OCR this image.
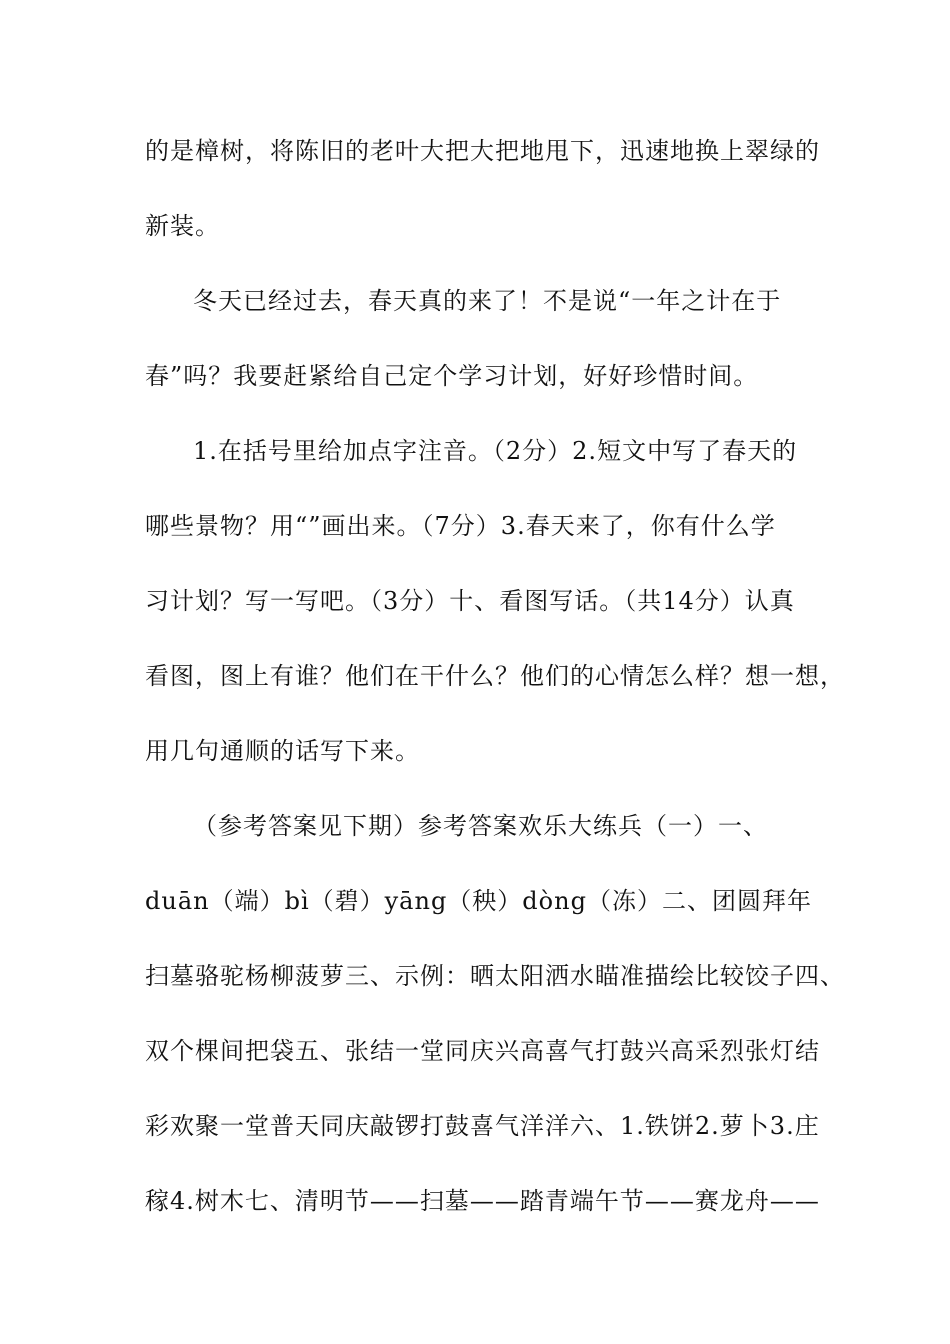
的是樟树，将陈旧的老叶大把大把地甩下，迅速地换上翠绿的
新装。
冬天已经过去，春天真的来了！不是说“一年之计在于
春”吗？我要赶紧给自己定个学习计划，好好珍惜时间。
1.在括号里给加点字注音。（2分）2.短文中写了春天的
哪些景物？用“”画出来。（7分）3.春天来了，你有什么学
习计划？写一写吧。（3分）十、看图写话。（共14分）认真
看图，图上有谁？他们在干什么？他们的心情怎么样？想一想，
用几句通顺的话写下来。
（参考答案见下期）参考答案欢乐大练兵（一）一、
duān（端）bì（碧）yāng（秧）dòng（冻）二、团圆拜年
扫墓骆驼杨柳菠萝三、示例：晒太阳洒水瞄准描绘比较饺子四、
双个棵间把袋五、张结一堂同庆兴高喜气打鼓兴高采烈张灯结
彩欢聚一堂普天同庆敲锣打鼓喜气洋洋六、1.铁饼2.萝卜3.庄
稼4.树木七、清明节——扫墓——踏青端午节——赛龙舟——
